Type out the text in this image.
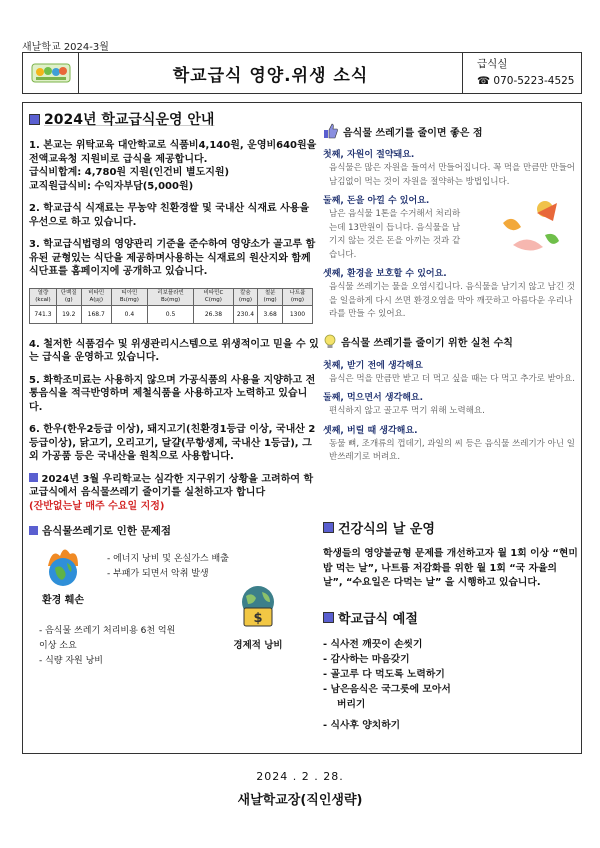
새날학교 2024-3월
학교급식 영양.위생 소식
급식실
☎ 070-5223-4525
2024년 학교급식운영 안내

1. 본교는 위탁교육 대안학교로 식품비4,140원, 운영비640원을 전액교육청 지원비로 급식을 제공합니다.
급식비합계: 4,780원 지원(인건비 별도지원)
교직원급식비: 수익자부담(5,000원)

2. 학교급식 식재료는 무농약 친환경쌀 및 국내산 식재료 사용을 우선으로 하고 있습니다.

3. 학교급식법령의 영양관리 기준을 준수하여 영양소가 골고루 함유된 균형있는 식단을 제공하며사용하는 식재료의 원산지와 함께 식단표를 홈페이지에 공개하고 있습니다.

열량(kcal)	단백질(g)	비타민A(㎍)	티아민B₁(mg)	리보플라빈B₂(mg)	비타민C C(mg)	칼슘(mg)	철분(mg)	나트륨(mg)
741.3	19.2	168.7	0.4	0.5	26.38	230.4	3.68	1300

4. 철저한 식품검수 및 위생관리시스템으로 위생적이고 믿을 수 있는 급식을 운영하고 있습니다.

5. 화학조미료는 사용하지 않으며 가공식품의 사용을 지양하고 전통음식을 적극반영하며 제철식품을 사용하고자 노력하고 있습니다.

6. 한우(한우2등급 이상), 돼지고기(친환경1등급 이상, 국내산 2등급이상), 닭고기, 오리고기, 달걀(무항생제, 국내산 1등급), 그외 가공품 등은 국내산을 원칙으로 사용합니다.

2024년 3월 우리학교는 심각한 지구위기 상황을 고려하여 학교급식에서 음식물쓰레기 줄이기를 실천하고자 합니다
(잔반없는날 매주 수요일 지정)

음식물쓰레기로 인한 문제점
환경 훼손
- 에너지 낭비 및 온실가스 배출
- 부패가 되면서 악취 발생
$
경제적 낭비
- 음식물 쓰레기 처리비용 6천 억원
이상 소요
- 식량 자원 낭비
음식물 쓰레기를 줄이면 좋은 점
첫째, 자원이 절약돼요.
음식물은 많은 자원을 들여서 만들어집니다. 꼭 먹을 만큼만 만들어 남김없이 먹는 것이 자원을 절약하는 방법입니다.
둘째, 돈을 아낄 수 있어요.
남은 음식물 1톤을 수거해서 처리하는데 13만원이 듭니다. 음식물을 남기지 않는 것은 돈을 아끼는 것과 같습니다.
셋째, 환경을 보호할 수 있어요.
음식물 쓰레기는 물을 오염시킵니다. 음식물을 남기지 않고 남긴 것을 일을하게 다시 쓰면 환경오염을 막아 깨끗하고 아름다운 우리나라를 만들 수 있어요.
음식물 쓰레기를 줄이기 위한 실천 수칙
첫째, 받기 전에 생각해요
음식은 먹을 만큼만 받고 더 먹고 싶을 때는 다 먹고 추가로 받아요.
둘째, 먹으면서 생각해요.
편식하지 않고 골고루 먹기 위해 노력해요.
셋째, 버릴 때 생각해요.
동물 뼈, 조개류의 껍데기, 과일의 씨 등은 음식물 쓰레기가 아닌 일반쓰레기로 버려요.
건강식의 날 운영

학생들의 영양불균형 문제를 개선하고자 월 1회 이상 “현미밥 먹는 날”, 나트륨 저감화를 위한 월 1회 “국 자율의 날”, “수요일은 다먹는 날” 을 시행하고 있습니다.

학교급식 예절
- 식사전 깨끗이 손씻기
- 감사하는 마음갖기
- 골고루 다 먹도록 노력하기
- 남은음식은 국그릇에 모아서
버리기
- 식사후 양치하기
2024 . 2 . 28.
새날학교장(직인생략)
